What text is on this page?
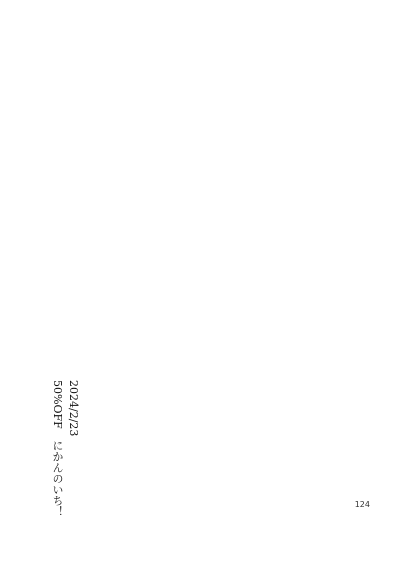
2024/2/23
50%OFF　にかんのいち！	124
